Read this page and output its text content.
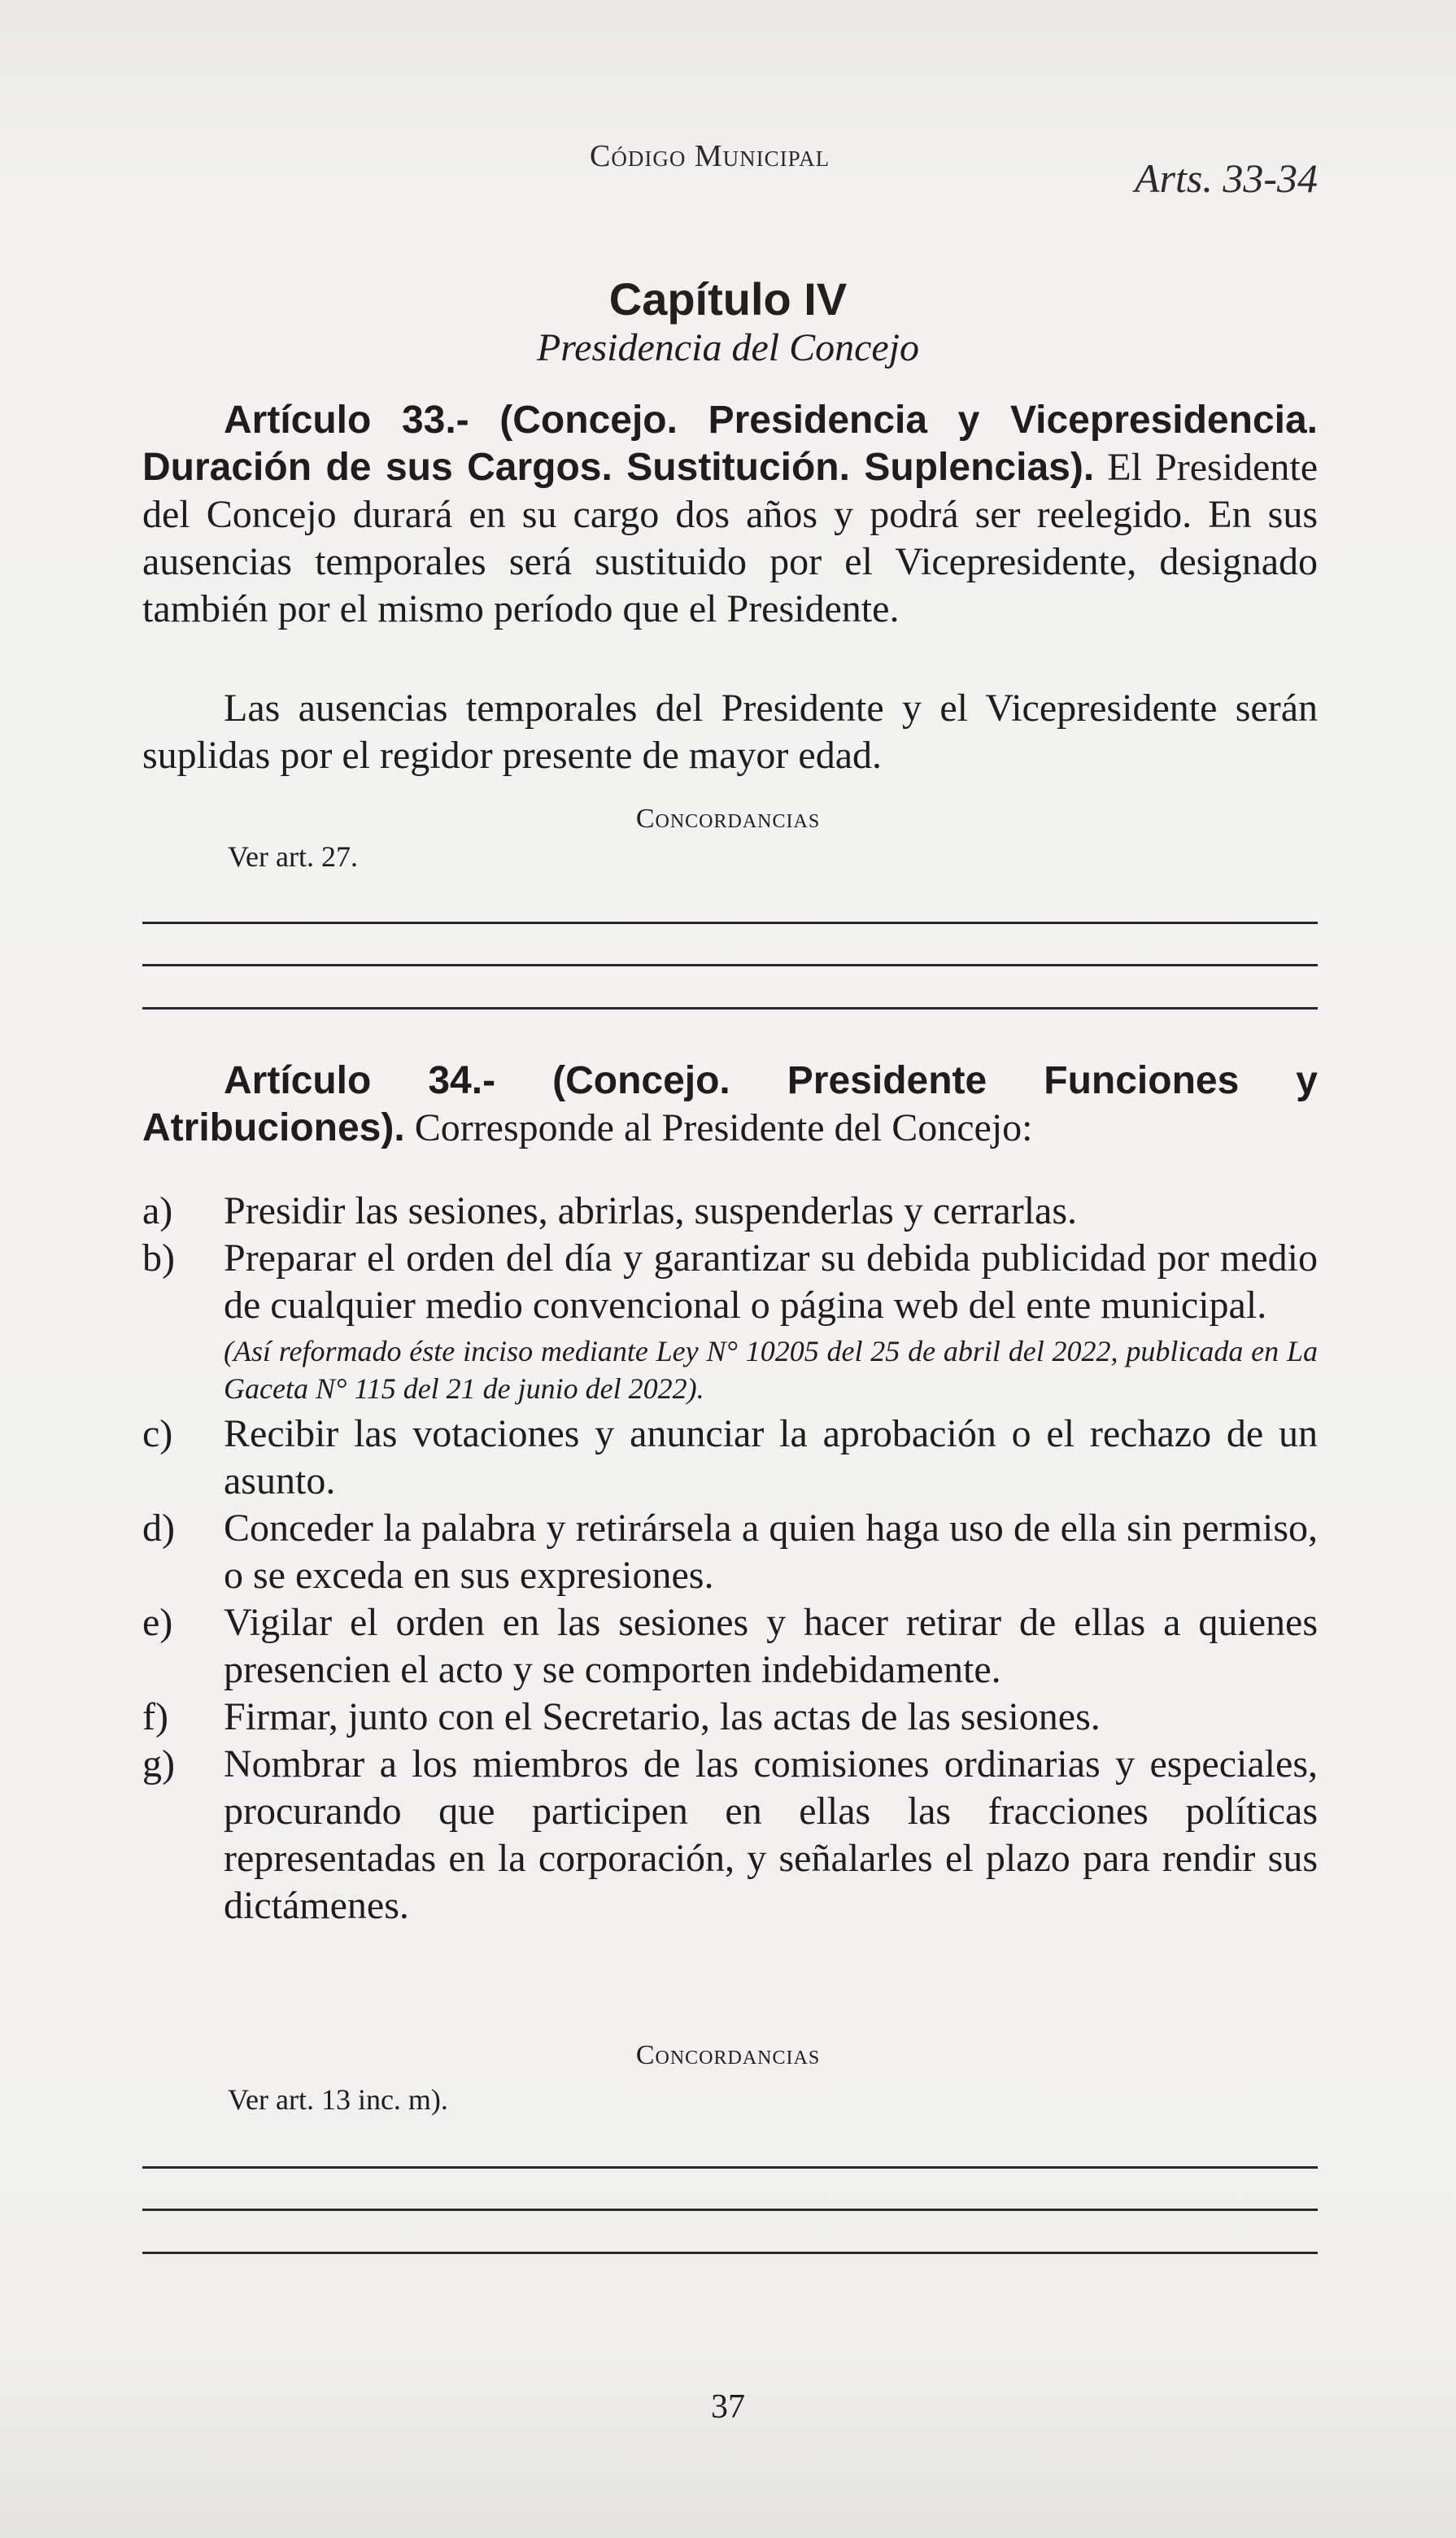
Código Municipal	Arts. 33-34
Capítulo IV
Presidencia del Concejo

Artículo 33.- (Concejo. Presidencia y Vicepresidencia. Duración de sus Cargos. Sustitución. Suplencias). El Presidente del Concejo durará en su cargo dos años y podrá ser reelegido. En sus ausencias temporales será sustituido por el Vicepresidente, designado también por el mismo período que el Presidente.

Las ausencias temporales del Presidente y el Vicepresidente serán suplidas por el regidor presente de mayor edad.

Concordancias
Ver art. 27.

Artículo 34.- (Concejo. Presidente Funciones y Atribuciones). Corresponde al Presidente del Concejo:

a)	Presidir las sesiones, abrirlas, suspenderlas y cerrarlas.
b)	Preparar el orden del día y garantizar su debida publicidad por medio de cualquier medio convencional o página web del ente municipal.
(Así reformado éste inciso mediante Ley N° 10205 del 25 de abril del 2022, publicada en La Gaceta N° 115 del 21 de junio del 2022).
c)	Recibir las votaciones y anunciar la aprobación o el rechazo de un asunto.
d)	Conceder la palabra y retirársela a quien haga uso de ella sin permiso, o se exceda en sus expresiones.
e)	Vigilar el orden en las sesiones y hacer retirar de ellas a quienes presencien el acto y se comporten indebidamente.
f)	Firmar, junto con el Secretario, las actas de las sesiones.
g)	Nombrar a los miembros de las comisiones ordinarias y especiales, procurando que participen en ellas las fracciones políticas representadas en la corporación, y señalarles el plazo para rendir sus dictámenes.
Concordancias
Ver art. 13 inc. m).
37
